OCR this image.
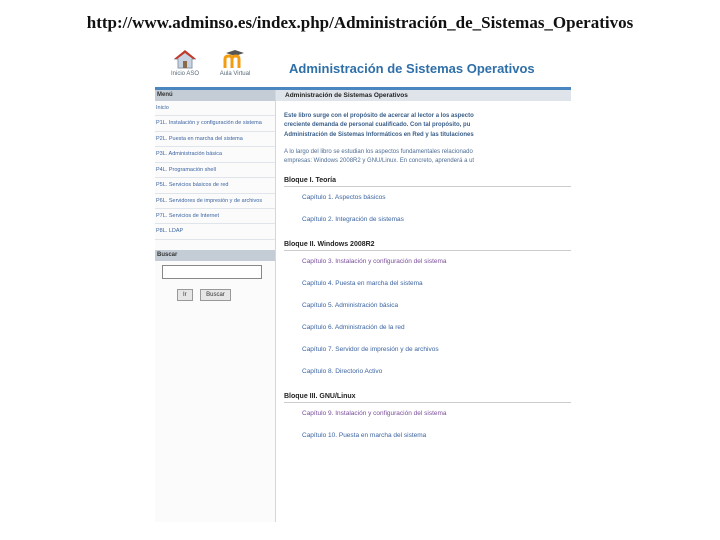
http://www.adminso.es/index.php/Administración_de_Sistemas_Operativos
Inicio ASO	Aula Virtual	Administración de Sistemas Operativos
Menú
Inicio
P1L. Instalación y configuración de sistema
P2L. Puesta en marcha del sistema
P3L. Administración básica
P4L. Programación shell
P5L. Servicios básicos de red
P6L. Servidores de impresión y de archivos
P7L. Servicios de Internet
P8L. LDAP
Buscar
Ir	Buscar
Administración de Sistemas Operativos
Este libro surge con el propósito de acercar al lector a los aspecto
creciente demanda de personal cualificado. Con tal propósito, pu
Administración de Sistemas Informáticos en Red y las titulaciones
A lo largo del libro se estudian los aspectos fundamentales relacionado
empresas: Windows 2008R2 y GNU/Linux. En concreto, aprenderá a ut
Bloque I. Teoría
Capítulo 1. Aspectos básicos
Capítulo 2. Integración de sistemas
Bloque II. Windows 2008R2
Capítulo 3. Instalación y configuración del sistema
Capítulo 4. Puesta en marcha del sistema
Capítulo 5. Administración básica
Capítulo 6. Administración de la red
Capítulo 7. Servidor de impresión y de archivos
Capítulo 8. Directorio Activo
Bloque III. GNU/Linux
Capítulo 9. Instalación y configuración del sistema
Capítulo 10. Puesta en marcha del sistema
